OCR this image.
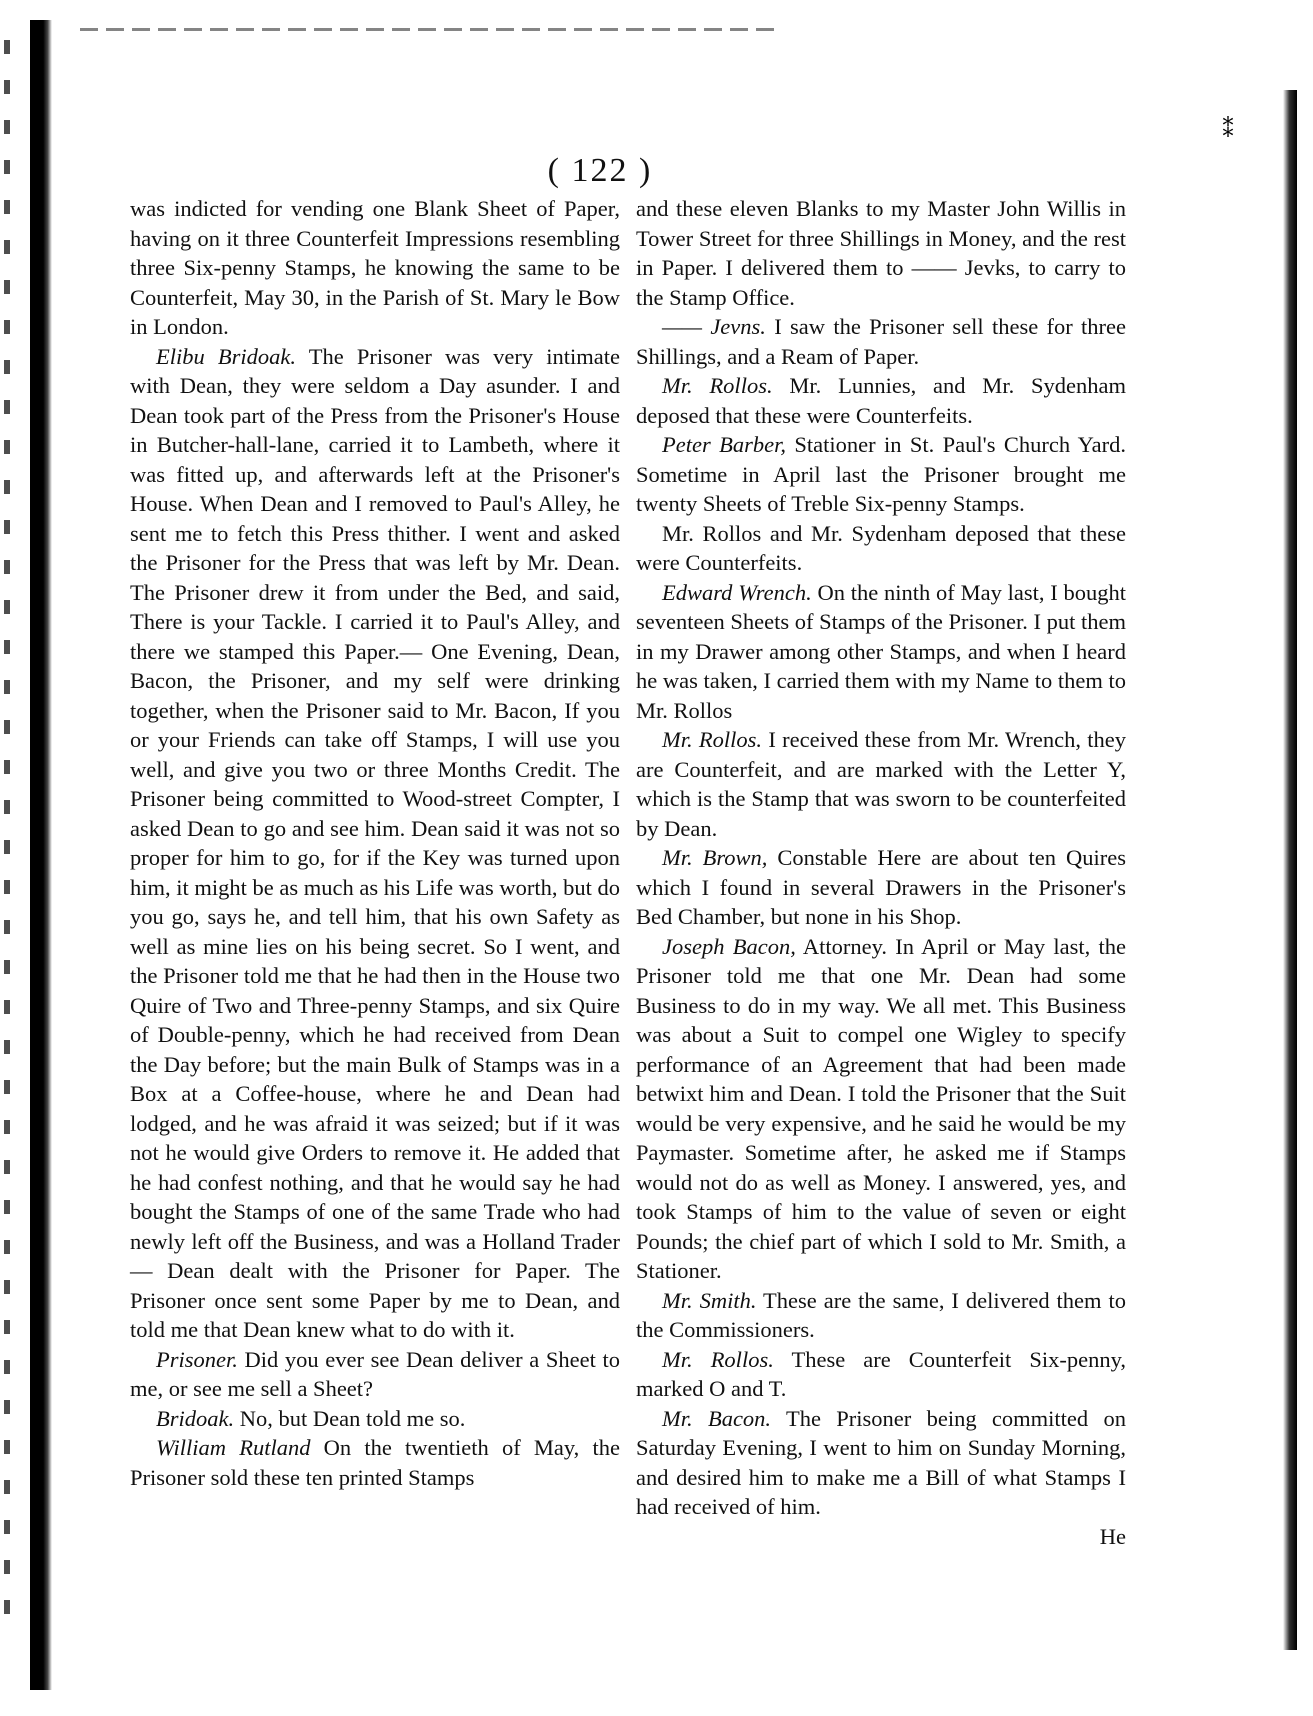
⁑
( 122 )

was indicted for vending one Blank Sheet of Paper, having on it three Counterfeit Impressions resembling three Six-penny Stamps, he knowing the same to be Counterfeit, May 30, in the Parish of St. Mary le Bow in London.

Elibu Bridoak. The Prisoner was very intimate with Dean, they were seldom a Day asunder. I and Dean took part of the Press from the Prisoner's House in Butcher-hall-lane, carried it to Lambeth, where it was fitted up, and afterwards left at the Prisoner's House. When Dean and I removed to Paul's Alley, he sent me to fetch this Press thither. I went and asked the Prisoner for the Press that was left by Mr. Dean. The Prisoner drew it from under the Bed, and said, There is your Tackle. I carried it to Paul's Alley, and there we stamped this Paper.— One Evening, Dean, Bacon, the Prisoner, and my self were drinking together, when the Prisoner said to Mr. Bacon, If you or your Friends can take off Stamps, I will use you well, and give you two or three Months Credit. The Prisoner being committed to Wood-street Compter, I asked Dean to go and see him. Dean said it was not so proper for him to go, for if the Key was turned upon him, it might be as much as his Life was worth, but do you go, says he, and tell him, that his own Safety as well as mine lies on his being secret. So I went, and the Prisoner told me that he had then in the House two Quire of Two and Three-penny Stamps, and six Quire of Double-penny, which he had received from Dean the Day before; but the main Bulk of Stamps was in a Box at a Coffee-house, where he and Dean had lodged, and he was afraid it was seized; but if it was not he would give Orders to remove it. He added that he had confest nothing, and that he would say he had bought the Stamps of one of the same Trade who had newly left off the Business, and was a Holland Trader— Dean dealt with the Prisoner for Paper. The Prisoner once sent some Paper by me to Dean, and told me that Dean knew what to do with it.

Prisoner. Did you ever see Dean deliver a Sheet to me, or see me sell a Sheet?

Bridoak. No, but Dean told me so.

William Rutland On the twentieth of May, the Prisoner sold these ten printed Stamps

and these eleven Blanks to my Master John Willis in Tower Street for three Shillings in Money, and the rest in Paper. I delivered them to —— Jevks, to carry to the Stamp Office.

—— Jevns. I saw the Prisoner sell these for three Shillings, and a Ream of Paper.

Mr. Rollos. Mr. Lunnies, and Mr. Sydenham deposed that these were Counterfeits.

Peter Barber, Stationer in St. Paul's Church Yard. Sometime in April last the Prisoner brought me twenty Sheets of Treble Six-penny Stamps.

Mr. Rollos and Mr. Sydenham deposed that these were Counterfeits.

Edward Wrench. On the ninth of May last, I bought seventeen Sheets of Stamps of the Prisoner. I put them in my Drawer among other Stamps, and when I heard he was taken, I carried them with my Name to them to Mr. Rollos

Mr. Rollos. I received these from Mr. Wrench, they are Counterfeit, and are marked with the Letter Y, which is the Stamp that was sworn to be counterfeited by Dean.

Mr. Brown, Constable Here are about ten Quires which I found in several Drawers in the Prisoner's Bed Chamber, but none in his Shop.

Joseph Bacon, Attorney. In April or May last, the Prisoner told me that one Mr. Dean had some Business to do in my way. We all met. This Business was about a Suit to compel one Wigley to specify performance of an Agreement that had been made betwixt him and Dean. I told the Prisoner that the Suit would be very expensive, and he said he would be my Paymaster. Sometime after, he asked me if Stamps would not do as well as Money. I answered, yes, and took Stamps of him to the value of seven or eight Pounds; the chief part of which I sold to Mr. Smith, a Stationer.

Mr. Smith. These are the same, I delivered them to the Commissioners.

Mr. Rollos. These are Counterfeit Six-penny, marked O and T.

Mr. Bacon. The Prisoner being committed on Saturday Evening, I went to him on Sunday Morning, and desired him to make me a Bill of what Stamps I had received of him.

He
